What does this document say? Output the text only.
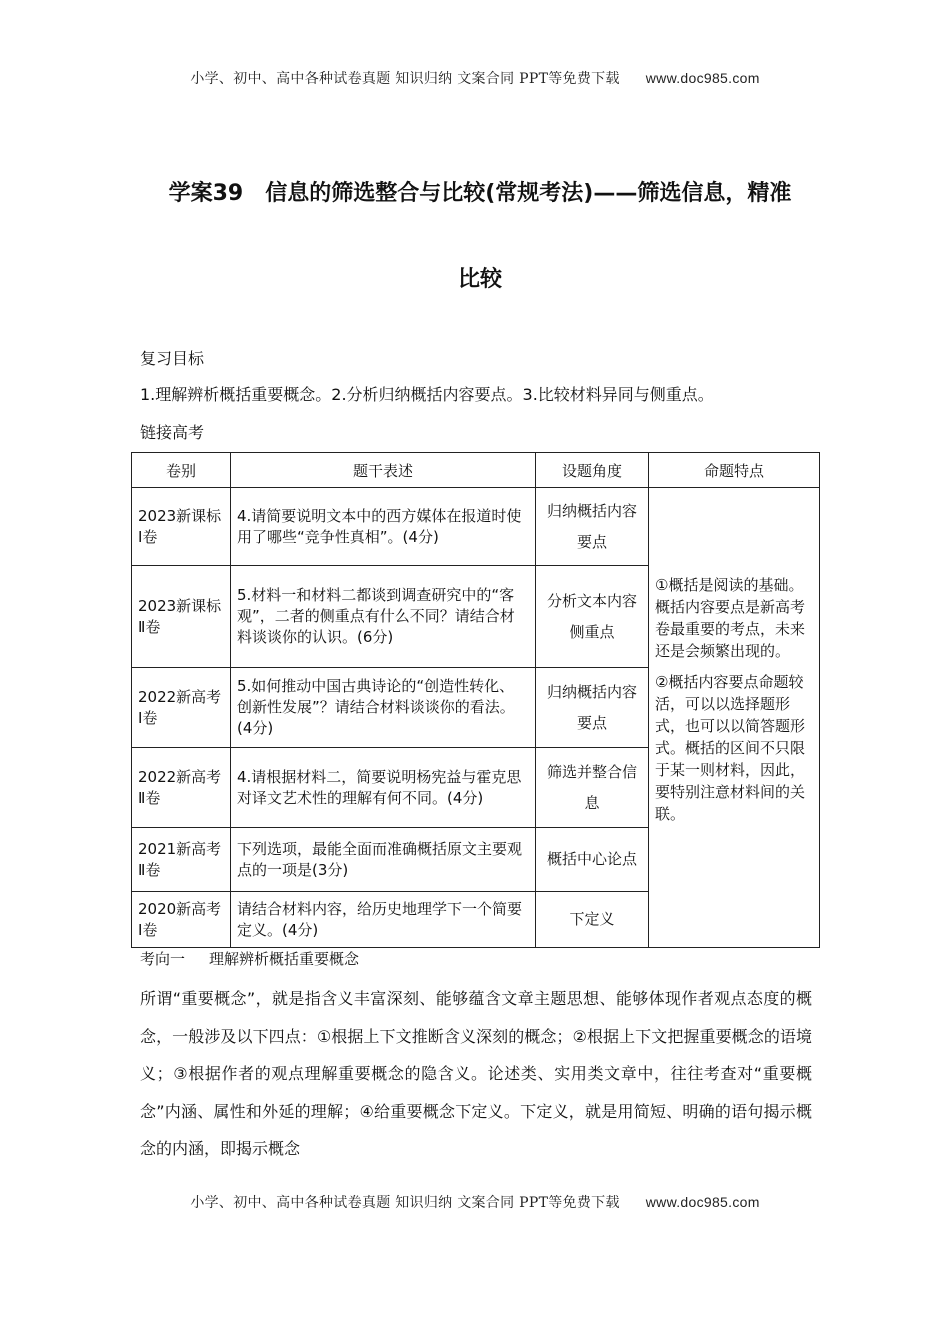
小学、初中、高中各种试卷真题 知识归纳 文案合同 PPT等免费下载 www.doc985.com
学案39　信息的筛选整合与比较(常规考法)——筛选信息，精准
比较
复习目标
1.理解辨析概括重要概念。2.分析归纳概括内容要点。3.比较材料异同与侧重点。
链接高考
卷别	题干表述	设题角度	命题特点
2023新课标Ⅰ卷	4.请简要说明文本中的西方媒体在报道时使用了哪些“竞争性真相”。(4分)	归纳概括内容要点	①概括是阅读的基础。概括内容要点是新高考卷最重要的考点，未来还是会频繁出现的。

②概括内容要点命题较活，可以以选择题形式，也可以以简答题形式。概括的区间不只限于某一则材料，因此，要特别注意材料间的关联。

2023新课标Ⅱ卷	5.材料一和材料二都谈到调查研究中的“客观”，二者的侧重点有什么不同？请结合材料谈谈你的认识。(6分)	分析文本内容侧重点	
2022新高考Ⅰ卷	5.如何推动中国古典诗论的“创造性转化、创新性发展”？请结合材料谈谈你的看法。(4分)	归纳概括内容要点	
2022新高考Ⅱ卷	4.请根据材料二，简要说明杨宪益与霍克思对译文艺术性的理解有何不同。(4分)	筛选并整合信息	
2021新高考Ⅱ卷	下列选项，最能全面而准确概括原文主要观点的一项是(3分)	概括中心论点	
2020新高考Ⅰ卷	请结合材料内容，给历史地理学下一个简要定义。(4分)	下定义	
考向一 理解辨析概括重要概念
所谓“重要概念”，就是指含义丰富深刻、能够蕴含文章主题思想、能够体现作者观点态度的概念，一般涉及以下四点：①根据上下文推断含义深刻的概念；②根据上下文把握重要概念的语境义；③根据作者的观点理解重要概念的隐含义。论述类、实用类文章中，往往考查对“重要概念”内涵、属性和外延的理解；④给重要概念下定义。下定义，就是用简短、明确的语句揭示概念的内涵，即揭示概念
小学、初中、高中各种试卷真题 知识归纳 文案合同 PPT等免费下载 www.doc985.com
